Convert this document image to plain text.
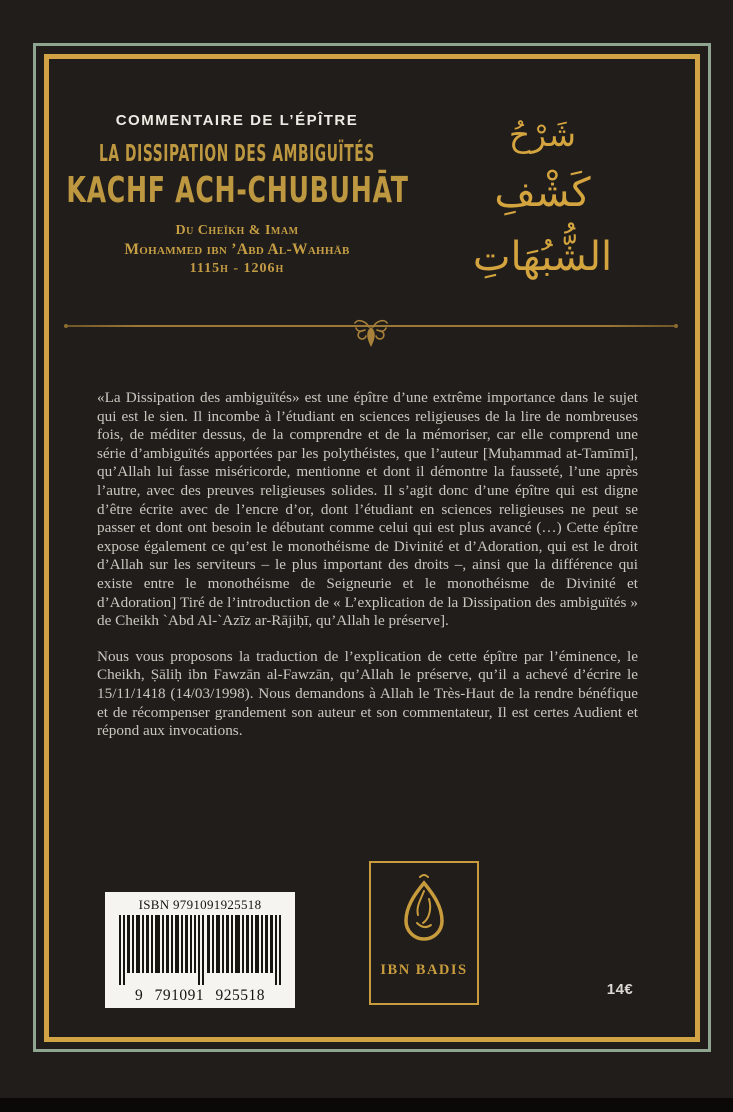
COMMENTAIRE DE L’ÉPÎTRE
LA DISSIPATION DES AMBIGUÏTÉS
KACHF ACH-CHUBUHĀT
Du Cheïkh & Imam
Mohammed ibn ’Abd Al-Wahhāb
1115h - 1206h
شَرْحُ
كَشْفِ الشُّبُهَاتِ

«La Dissipation des ambiguïtés» est une épître d’une extrême importance dans le sujet qui est le sien. Il incombe à l’étudiant en sciences religieuses de la lire de nombreuses fois, de méditer dessus, de la comprendre et de la mémoriser, car elle comprend une série d’ambiguïtés apportées par les polythéistes, que l’auteur [Muḥammad at-Tamīmī], qu’Allah lui fasse miséricorde, mentionne et dont il démontre la fausseté, l’une après l’autre, avec des preuves religieuses solides. Il s’agit donc d’une épître qui est digne d’être écrite avec de l’encre d’or, dont l’étudiant en sciences religieuses ne peut se passer et dont ont besoin le débutant comme celui qui est plus avancé (…) Cette épître expose également ce qu’est le monothéisme de Divinité et d’Adoration, qui est le droit d’Allah sur les serviteurs – le plus important des droits –, ainsi que la différence qui existe entre le monothéisme de Seigneurie et le monothéisme de Divinité et d’Adoration] Tiré de l’introduction de « L’explication de la Dissipation des ambiguïtés » de Cheikh `Abd Al-`Azīz ar-Rājiḥī, qu’Allah le préserve].

Nous vous proposons la traduction de l’explication de cette épître par l’éminence, le Cheikh, Ṣāliḥ ibn Fawzān al-Fawzān, qu’Allah le préserve, qu’il a achevé d’écrire le 15/11/1418 (14/03/1998). Nous demandons à Allah le Très-Haut de la rendre bénéfique et de récompenser grandement son auteur et son commentateur, Il est certes Audient et répond aux invocations.

ISBN 9791091925518
9 791091 925518
IBN BADIS
14€
